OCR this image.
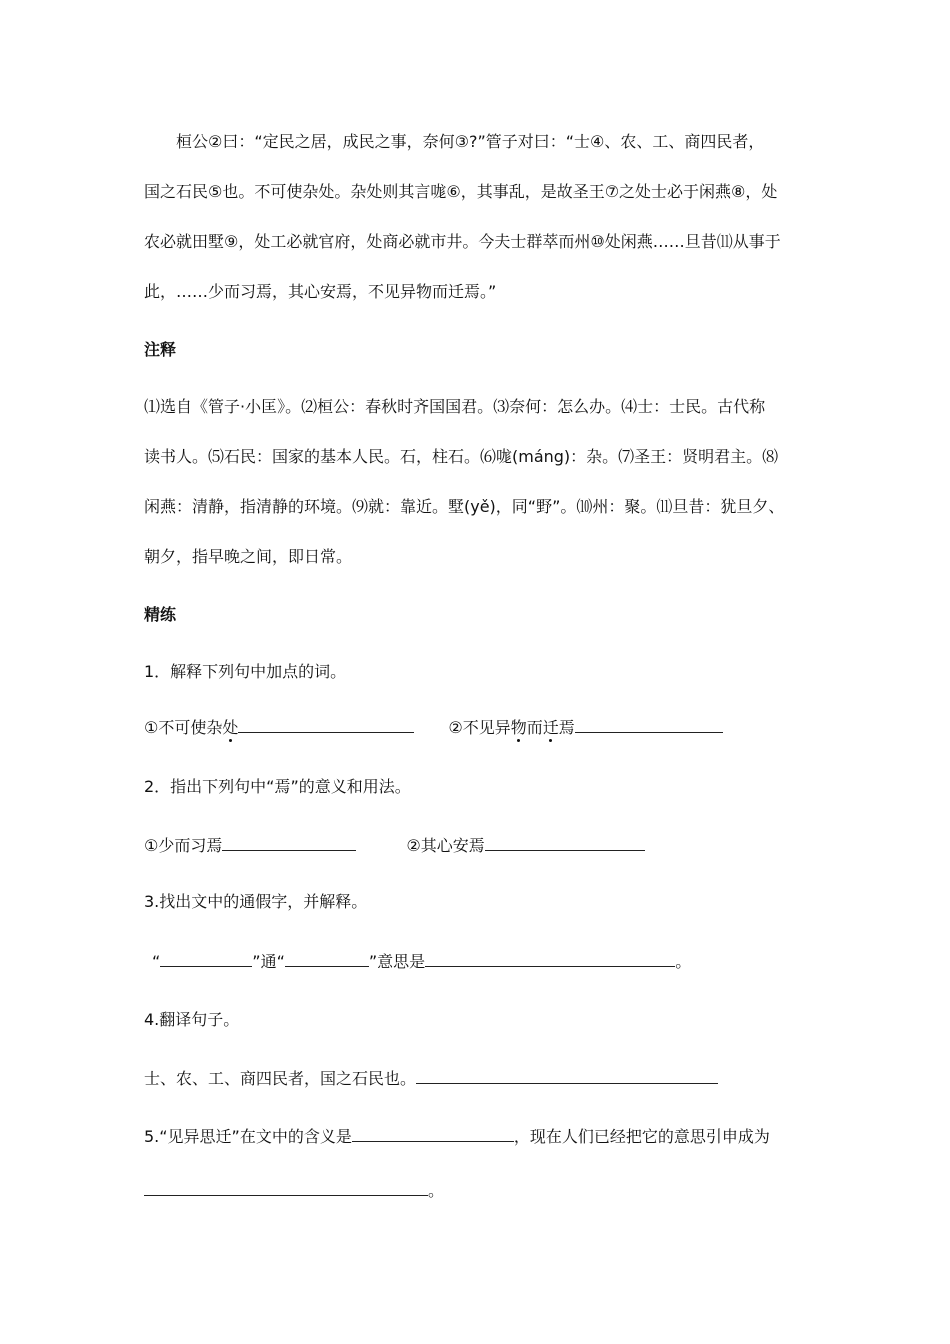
桓公②曰：“定民之居，成民之事，奈何③?”管子对曰：“士④、农、工、商四民者，
国之石民⑤也。不可使杂处。杂处则其言哤⑥，其事乱，是故圣王⑦之处士必于闲燕⑧，处
农必就田墅⑨，处工必就官府，处商必就市井。今夫士群萃而州⑩处闲燕……旦昔⑾从事于
此，……少而习焉，其心安焉，不见异物而迁焉。”
注释
⑴选自《管子·小匡》。⑵桓公：春秋时齐国国君。⑶奈何：怎么办。⑷士：士民。古代称
读书人。⑸石民：国家的基本人民。石，柱石。⑹哤(máng)：杂。⑺圣王：贤明君主。⑻
闲燕：清静，指清静的环境。⑼就：靠近。墅(yě)，同“野”。⑽州：聚。⑾旦昔：犹旦夕、
朝夕，指早晚之间，即日常。
精练
1．解释下列句中加点的词。
①不可使杂处	②不见异物而迁焉
2．指出下列句中“焉”的意义和用法。
①少而习焉	②其心安焉
3.找出文中的通假字，并解释。
“	”通“	”意思是	。
4.翻译句子。
士、农、工、商四民者，国之石民也。
5.“见异思迁”在文中的含义是	，现在人们已经把它的意思引申成为
。
